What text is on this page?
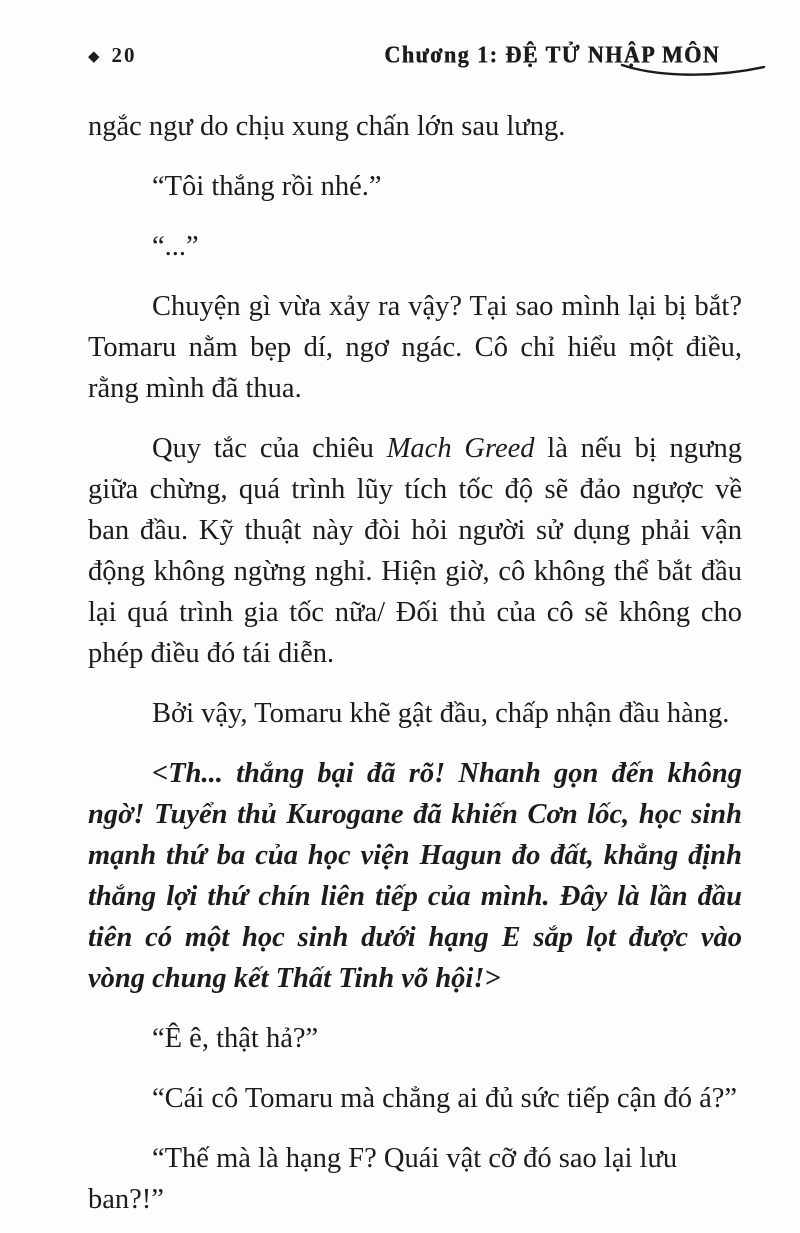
◆ 20	Chương 1: ĐỆ TỬ NHẬP MÔN

ngắc ngư do chịu xung chấn lớn sau lưng.

“Tôi thắng rồi nhé.”

“...”

Chuyện gì vừa xảy ra vậy? Tại sao mình lại bị bắt? Tomaru nằm bẹp dí, ngơ ngác. Cô chỉ hiểu một điều, rằng mình đã thua.

Quy tắc của chiêu Mach Greed là nếu bị ngưng giữa chừng, quá trình lũy tích tốc độ sẽ đảo ngược về ban đầu. Kỹ thuật này đòi hỏi người sử dụng phải vận động không ngừng nghỉ. Hiện giờ, cô không thể bắt đầu lại quá trình gia tốc nữa/ Đối thủ của cô sẽ không cho phép điều đó tái diễn.

Bởi vậy, Tomaru khẽ gật đầu, chấp nhận đầu hàng.

<Th... thắng bại đã rõ! Nhanh gọn đến không ngờ! Tuyển thủ Kurogane đã khiến Cơn lốc, học sinh mạnh thứ ba của học viện Hagun đo đất, khẳng định thắng lợi thứ chín liên tiếp của mình. Đây là lần đầu tiên có một học sinh dưới hạng E sắp lọt được vào vòng chung kết Thất Tinh võ hội!>

“Ê ê, thật hả?”

“Cái cô Tomaru mà chẳng ai đủ sức tiếp cận đó á?”

“Thế mà là hạng F? Quái vật cỡ đó sao lại lưu ban?!”
